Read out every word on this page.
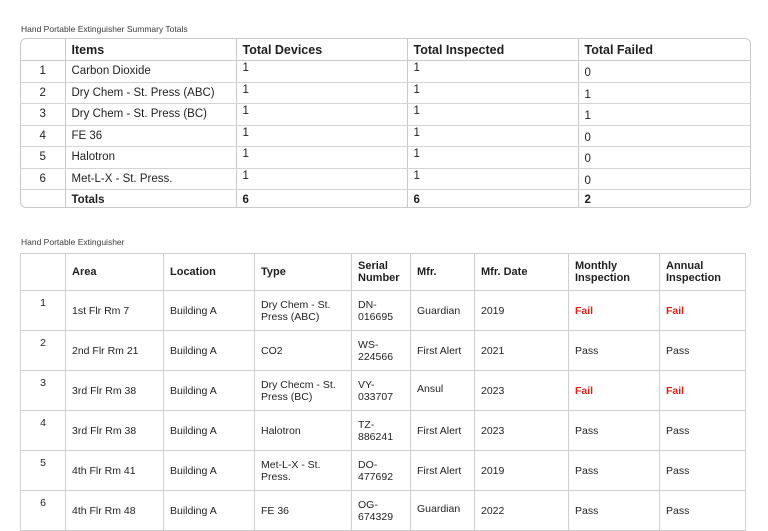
Hand Portable Extinguisher Summary Totals
	Items	Total Devices	Total Inspected	Total Failed
1	Carbon Dioxide	1	1	0
2	Dry Chem - St. Press (ABC)	1	1	1
3	Dry Chem - St. Press (BC)	1	1	1
4	FE 36	1	1	0
5	Halotron	1	1	0
6	Met-L-X - St. Press.	1	1	0
	Totals	6	6	2
Hand Portable Extinguisher
	Area	Location	Type	Serial Number	Mfr.	Mfr. Date	Monthly Inspection	Annual Inspection
1	1st Flr Rm 7	Building A	Dry Chem - St. Press (ABC)	DN-016695	Guardian	2019	Fail	Fail
2	2nd Flr Rm 21	Building A	CO2	WS-224566	First Alert	2021	Pass	Pass
3	3rd Flr Rm 38	Building A	Dry Checm - St. Press (BC)	VY-033707	Ansul	2023	Fail	Fail
4	3rd Flr Rm 38	Building A	Halotron	TZ-886241	First Alert	2023	Pass	Pass
5	4th Flr Rm 41	Building A	Met-L-X - St. Press.	DO-477692	First Alert	2019	Pass	Pass
6	4th Flr Rm 48	Building A	FE 36	OG-674329	Guardian	2022	Pass	Pass
